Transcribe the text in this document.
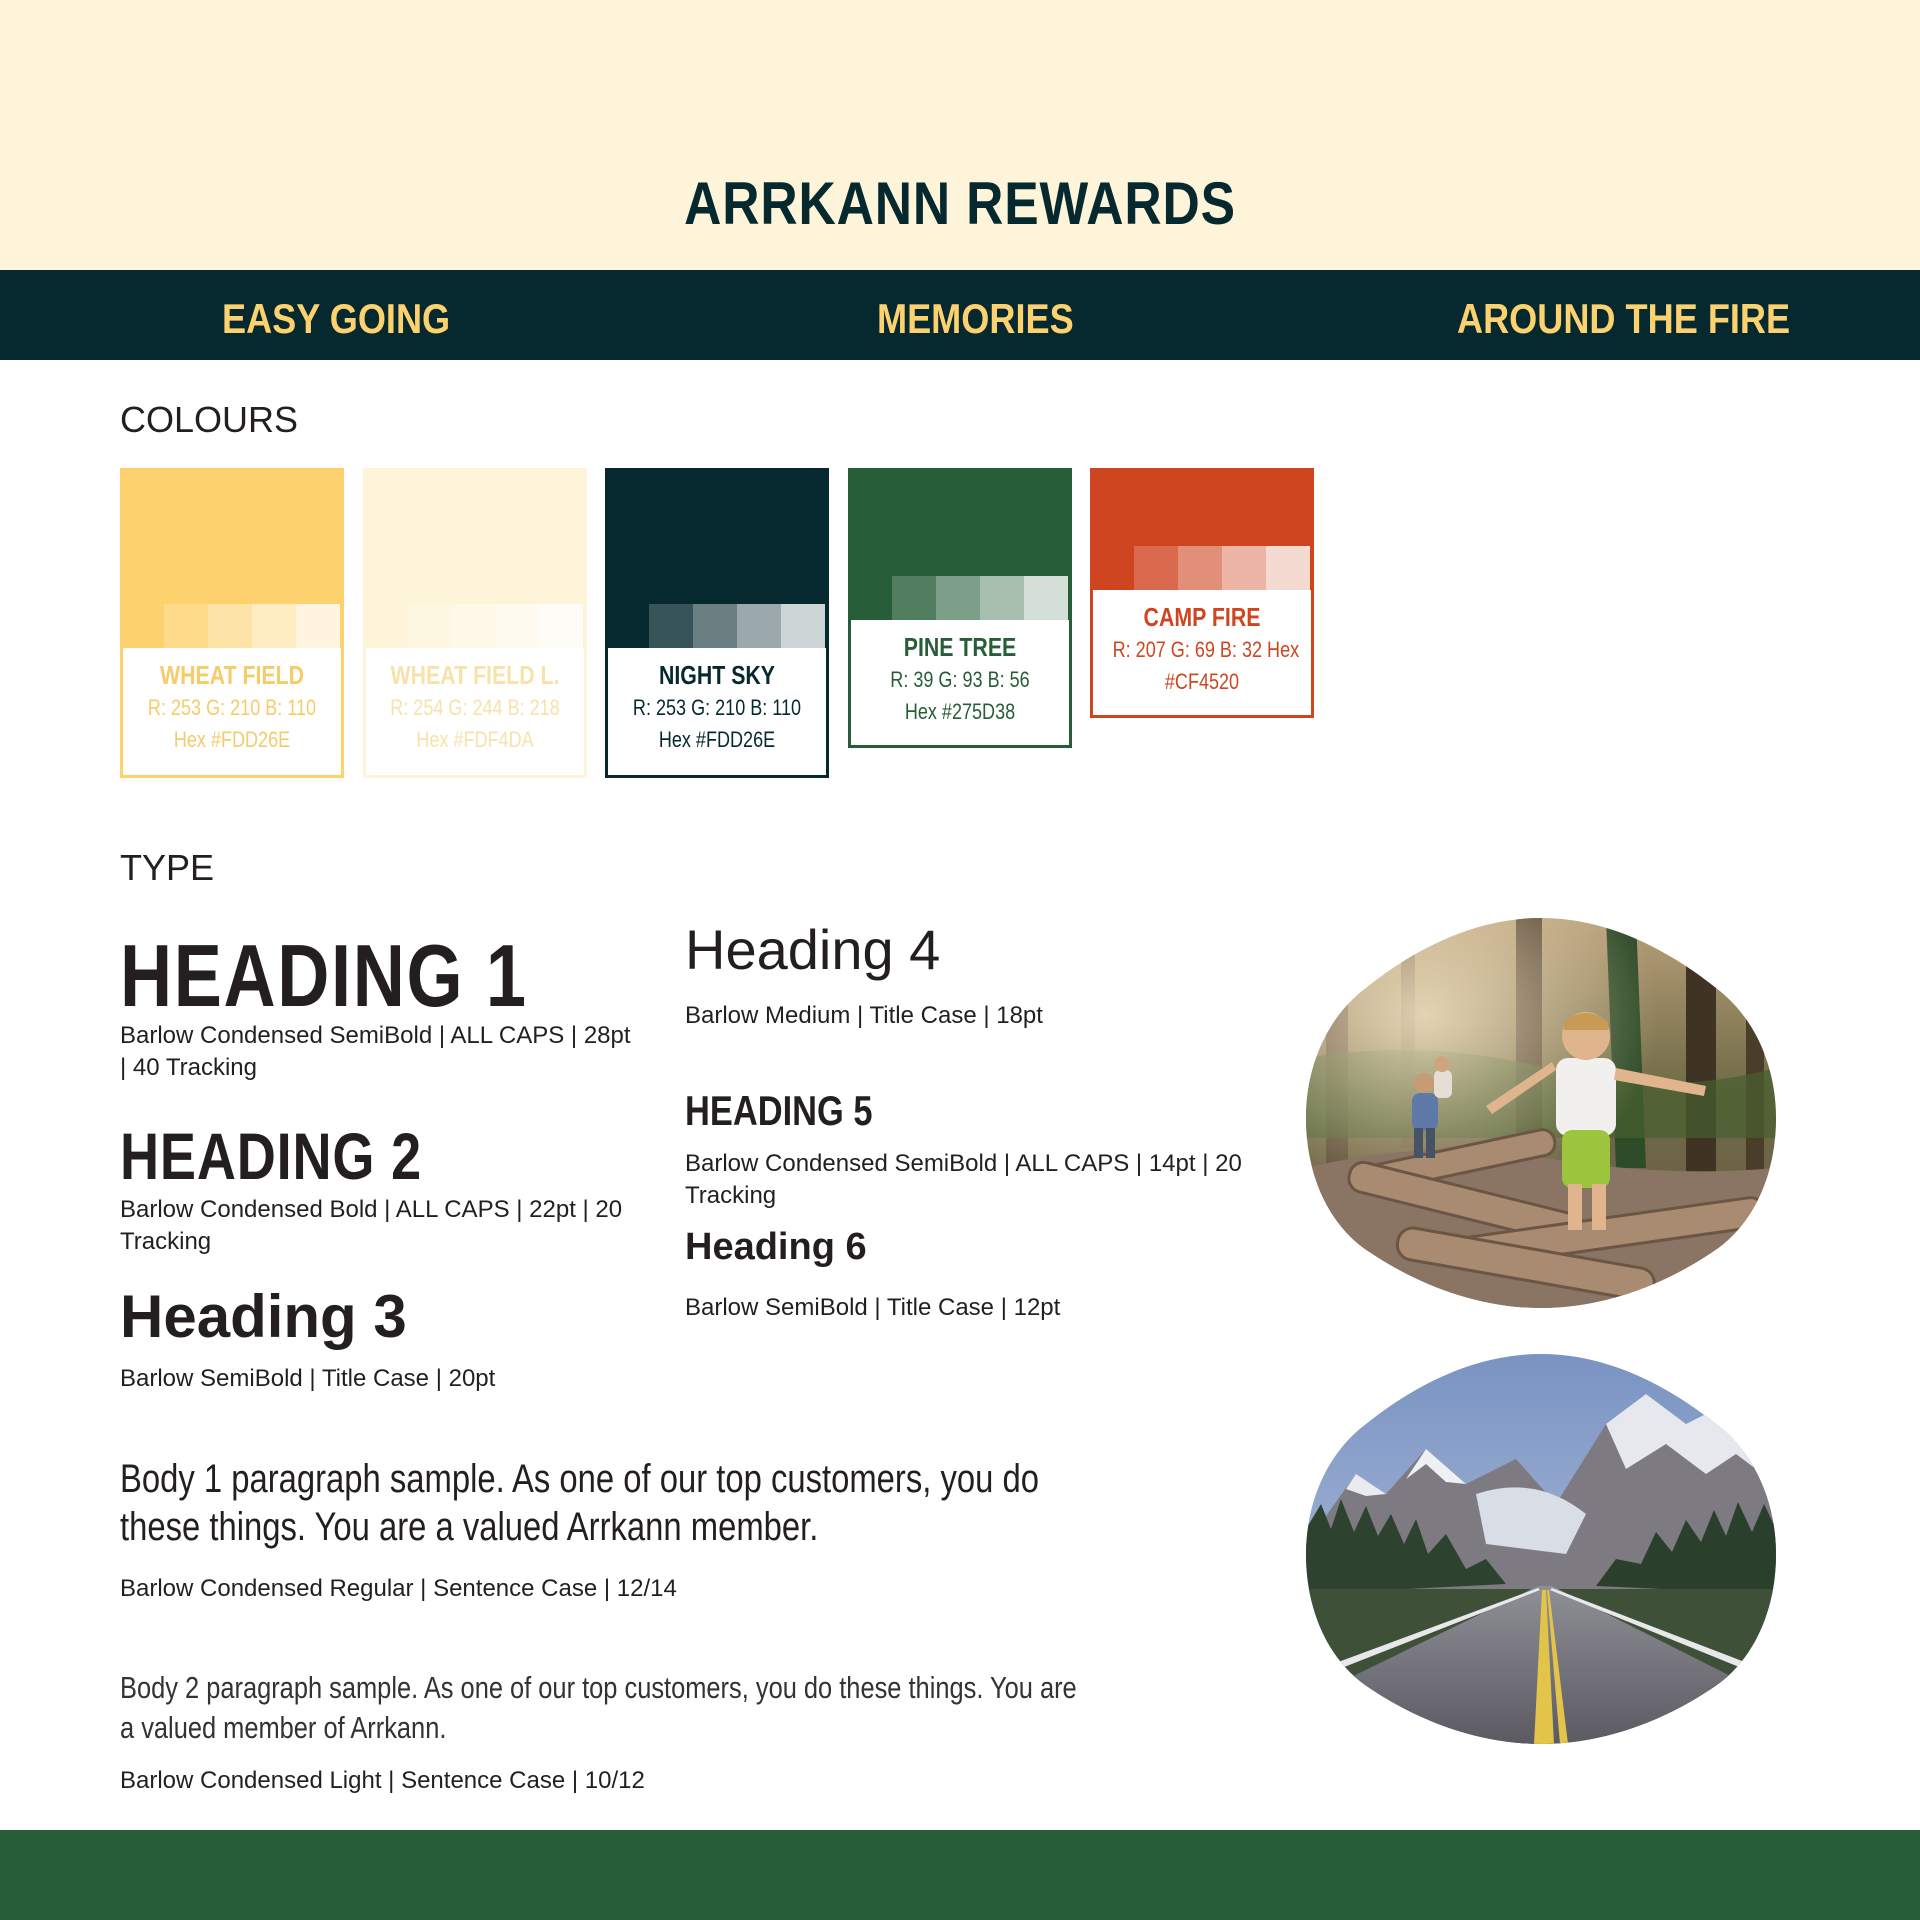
ARRKANN REWARDS
EASY GOING	MEMORIES	AROUND THE FIRE
COLOURS
WHEAT FIELD
R: 253 G: 210 B: 110
Hex #FDD26E
WHEAT FIELD L.
R: 254 G: 244 B: 218
Hex #FDF4DA
NIGHT SKY
R: 253 G: 210 B: 110
Hex #FDD26E
PINE TREE
R: 39 G: 93 B: 56
Hex #275D38
CAMP FIRE
R: 207 G: 69 B: 32 Hex
#CF4520
TYPE
HEADING 1
Barlow Condensed SemiBold | ALL CAPS | 28pt | 40 Tracking
HEADING 2
Barlow Condensed Bold | ALL CAPS | 22pt | 20 Tracking
Heading 3
Barlow SemiBold | Title Case | 20pt
Heading 4
Barlow Medium | Title Case | 18pt
HEADING 5
Barlow Condensed SemiBold | ALL CAPS | 14pt | 20 Tracking
Heading 6
Barlow SemiBold | Title Case | 12pt
Body 1 paragraph sample. As one of our top customers, you do these things. You are a valued Arrkann member.
Barlow Condensed Regular | Sentence Case | 12/14
Body 2 paragraph sample. As one of our top customers, you do these things. You are a valued member of Arrkann.
Barlow Condensed Light | Sentence Case | 10/12
